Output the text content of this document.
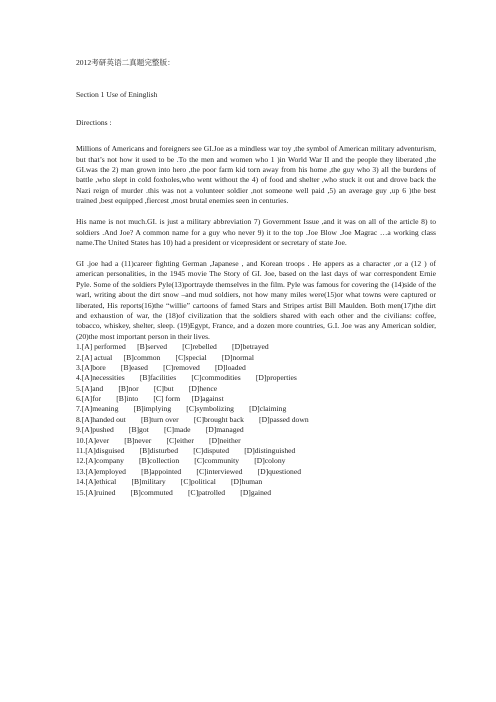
2012考研英语二真题完整版：
Section 1 Use of Eninglish
Directions :

Millions of Americans and foreigners see GI.Joe as a mindless war toy ,the symbol of American military adventurism, but that’s not how it used to be .To the men and women who 1 )in World War II and the people they liberated ,the GI.was the 2) man grown into hero ,the poor farm kid torn away from his home ,the guy who 3) all the burdens of battle ,who slept in cold foxholes,who went without the 4) of food and shelter ,who stuck it out and drove back the Nazi reign of murder .this was not a volunteer soldier ,not someone well paid ,5) an average guy ,up 6 )the best trained ,best equipped ,fiercest ,most brutal enemies seen in centuries.

His name is not much.GI. is just a military abbreviation 7) Government Issue ,and it was on all of the article 8) to soldiers .And Joe? A common name for a guy who never 9) it to the top .Joe Blow .Joe Magrac …a working class name.The United States has 10) had a president or vicepresident or secretary of state Joe.

GI .joe had a (11)career fighting German ,Japanese , and Korean troops . He appers as a character ,or a (12 ) of american personalities, in the 1945 movie The Story of GI. Joe, based on the last days of war correspondent Ernie Pyle. Some of the soldiers Pyle(13)portrayde themselves in the film. Pyle was famous for covering the (14)side of the warl, writing about the dirt snow –and mud soldiers, not how many miles were(15)or what towns were captured or liberated, His reports(16)the “willie” cartoons of famed Stars and Stripes artist Bill Maulden. Both men(17)the dirt and exhaustion of war, the (18)of civilization that the soldiers shared with each other and the civilians: coffee, tobacco, whiskey, shelter, sleep. (19)Egypt, France, and a dozen more countries, G.I. Joe was any American soldier,(20)the most important person in their lives.

1.[A] performed      [B]served        [C]rebelled        [D]betrayed
2.[A] actual      [B]common        [C]special        [D]normal
3.[A]bore        [B]eased        [C]removed        [D]loaded
4.[A]necessities        [B]facilities        [C]commodities        [D]properties
5.[A]and        [B]nor        [C]but        [D]hence
6.[A]for        [B]into        [C] form      [D]against
7.[A]meaning        [B]implying        [C]symbolizing        [D]claiming
8.[A]handed out        [B]turn over        [C]brought back        [D]passed down
9.[A]pushed        [B]got        [C]made        [D]managed
10.[A]ever        [B]never        [C]either        [D]neither
11.[A]disguised        [B]disturbed        [C]disputed        [D]distinguished
12.[A]company        [B]collection        [C]community        [D]colony
13.[A]employed        [B]appointed        [C]interviewed        [D]questioned
14.[A]ethical        [B]military        [C]political        [D]human
15.[A]ruined        [B]commuted        [C]patrolled        [D]gained
